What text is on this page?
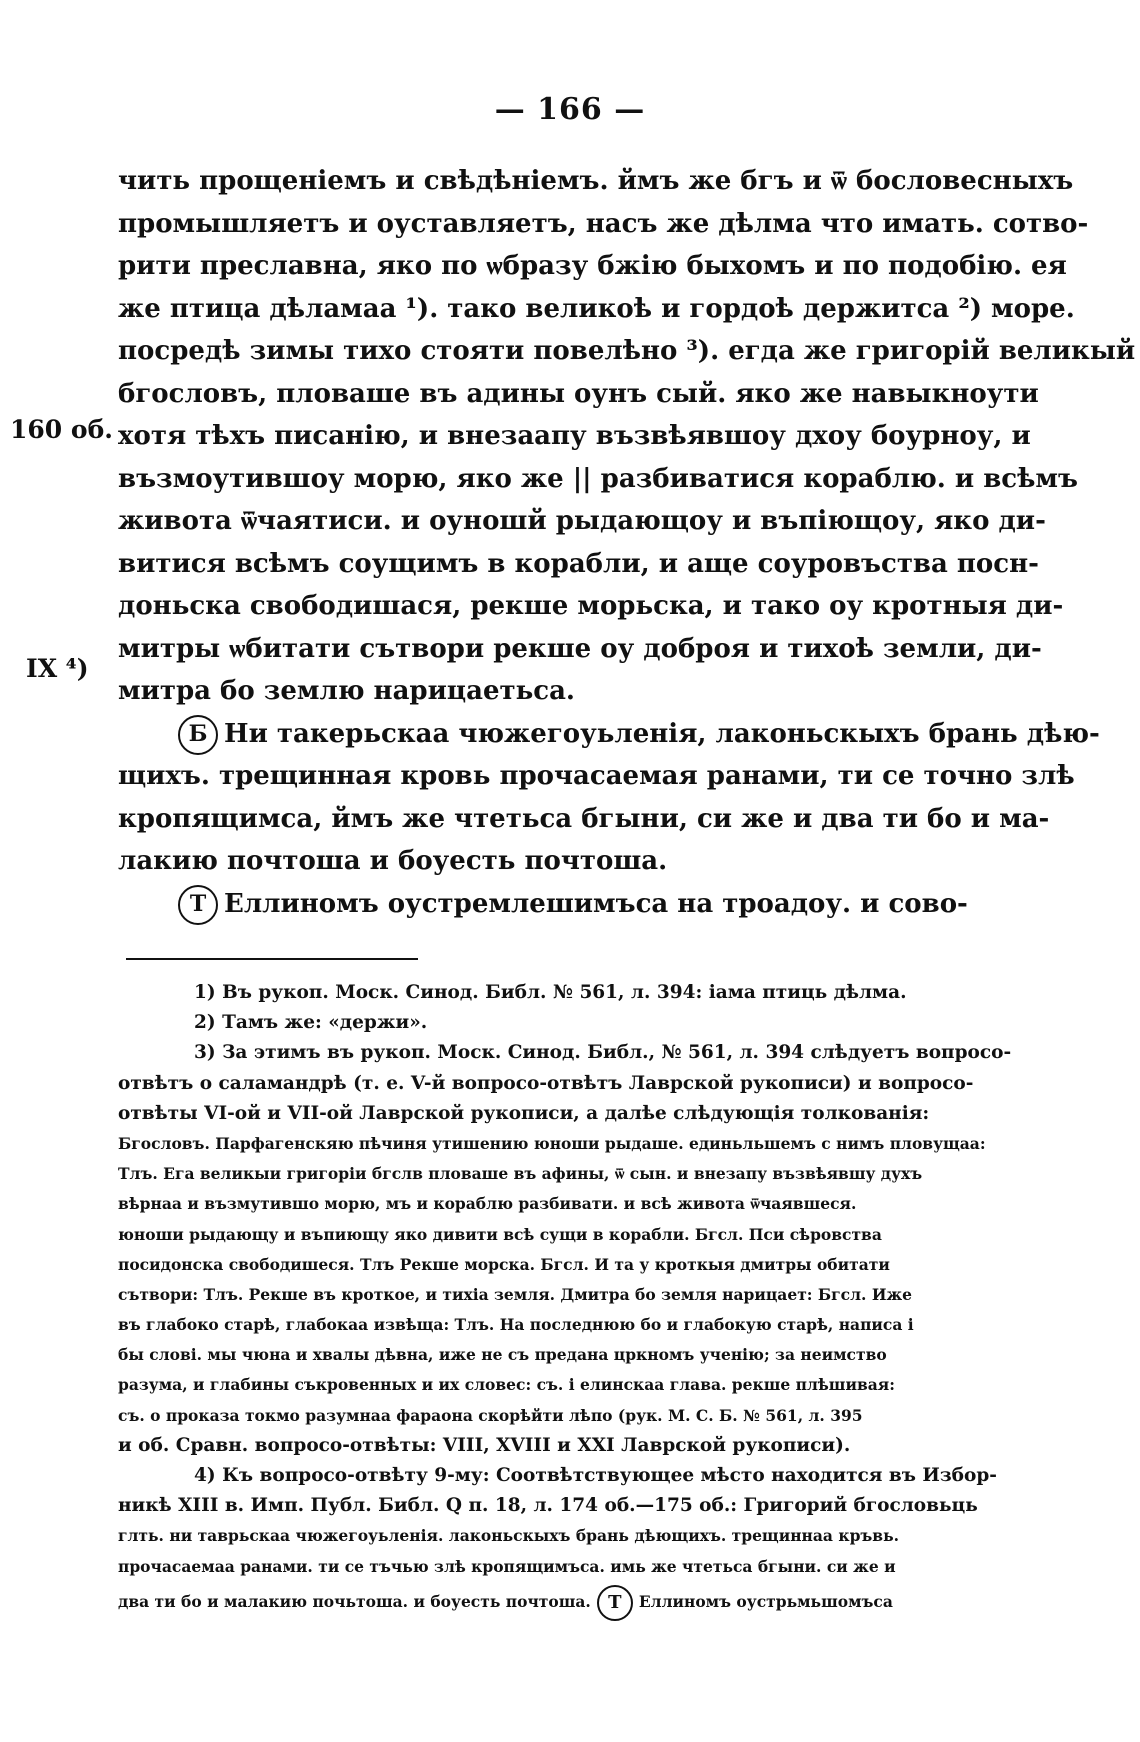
— 166 —
160 об.
IX ⁴)
чить прощеніемъ и свѣдѣніемъ. ймъ же бгъ и ѿ бословесныхъ
промышляетъ и оуставляетъ, насъ же дѣлма что имать. сотво-
рити преславна, яко по ѡбразу бжію быхомъ и по подобію. ея
же птица дѣламаа ¹). тако великоѣ и гордоѣ держитса ²) море.
посредѣ зимы тихо стояти повелѣно ³). егда же григорій великый
бгословъ, пловаше въ адины оунъ сый. яко же навыкноути
хотя тѣхъ писанію, и внезаапу възвѣявшоу дхоу боурноу, и
възмоутившоу морю, яко же || разбиватися кораблю. и всѣмъ
живота ѿчаятиси. и оуношй рыдающоу и въпіющоу, яко ди-
витися всѣмъ соущимъ в корабли, и аще соуровъства посн-
доньска свободишася, рекше морьска, и тако оу кротныя ди-
митры ѡбитати сътвори рекше оу доброя и тихоѣ земли, ди-
митра бо землю нарицаетьса.
Б Ни такерьскаа чюжегоуьленія, лаконьскыхъ брань дѣю-
щихъ. трещинная кровь прочасаемая ранами, ти се точно злѣ
кропящимса, ймъ же чтетьса бгыни, си же и два ти бо и ма-
лакию почтоша и боуесть почтоша.
Т Еллиномъ оустремлешимъса на троадоу. и сово-
1) Въ рукоп. Моск. Синод. Библ. № 561, л. 394: іама птиць дѣлма.
2) Тамъ же: «держи».
3) За этимъ въ рукоп. Моск. Синод. Библ., № 561, л. 394 слѣдуетъ вопросо-
отвѣтъ о саламандрѣ (т. е. V-й вопросо-отвѣтъ Лаврской рукописи) и вопросо-
отвѣты VI-ой и VII-ой Лаврской рукописи, а далѣе слѣдующія толкованія:
Бгословъ. Парфагенскяю пѣчиня утишению юноши рыдаше. единьльшемъ с нимъ пловущаа:
Тлъ. Ега великыи григоріи бгслв пловаше въ афины, ѿ сын. и внезапу възвѣявшу духъ
вѣрнаа и възмутившо морю, мъ и кораблю разбивати. и всѣ живота ѿчаявшеся.
юноши рыдающу и въпиющу яко дивити всѣ сущи в корабли. Бгсл. Пси сѣровства
посидонска свободишеся. Тлъ Рекше морска. Бгсл. И та у кроткыя дмитры обитати
сътвори: Тлъ. Рекше въ кроткое, и тихіа земля. Дмитра бо земля нарицает: Бгсл. Иже
въ глабоко старѣ, глабокаа извѣща: Тлъ. На последнюю бо и глабокую старѣ, написа і
бы слові. мы чюна и хвалы дѣвна, иже не съ предана цркномъ ученію; за неимство
разума, и глабины съкровенных и их словес: съ. і елинскаа глава. рекше плѣшивая:
съ. о проказа токмо разумнаа фараона скорѣйти лѣпо (рук. М. С. Б. № 561, л. 395
и об. Сравн. вопросо-отвѣты: VIII, XVIII и XXI Лаврской рукописи).
4) Къ вопросо-отвѣту 9-му: Соотвѣтствующее мѣсто находится въ Избор-
никѣ XIII в. Имп. Публ. Библ. Q п. 18, л. 174 об.—175 об.: Григорий бгословьць
глть. ни таврьскаа чюжегоуьленія. лаконьскыхъ брань дѣющихъ. трещиннаа кръвь.
прочасаемаа ранами. ти се тъчью злѣ кропящимъса. имь же чтетьса бгыни. си же и
два ти бо и малакию почьтоша. и боуесть почтоша. Т Еллиномъ оустрьмьшомъса
